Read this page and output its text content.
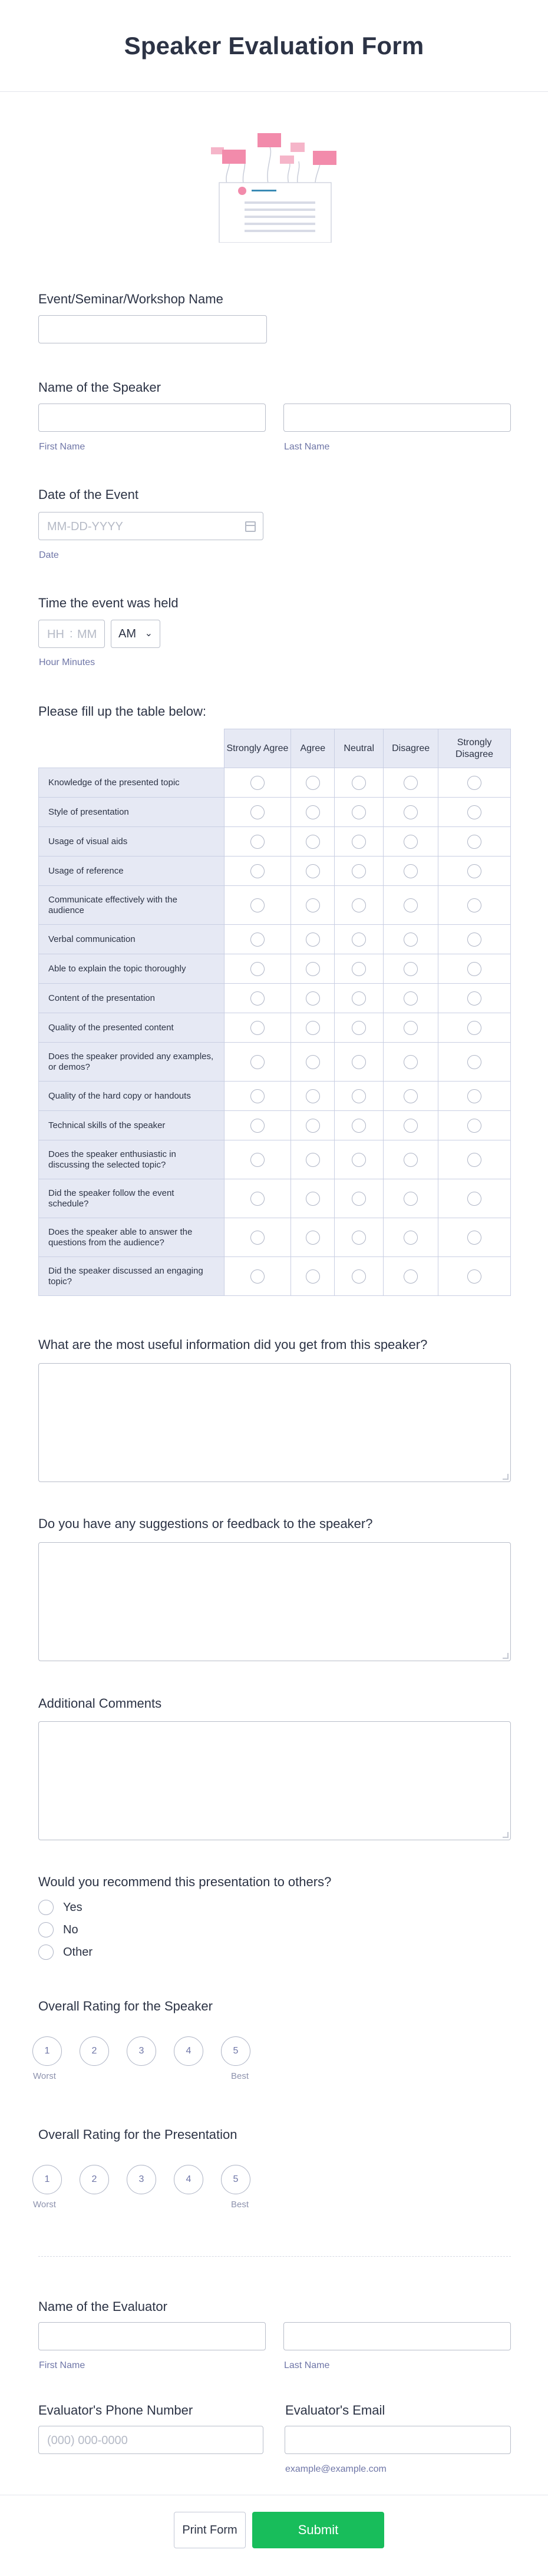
Speaker Evaluation Form
Event/Seminar/Workshop Name
Name of the Speaker
First Name	Last Name
Date of the Event
MM-DD-YYYY
Date
Time the event was held
HH : MM AM ⌄
Hour Minutes
Please fill up the table below:
	Strongly Agree	Agree	Neutral	Disagree	Strongly Disagree
Knowledge of the presented topic					
Style of presentation					
Usage of visual aids					
Usage of reference					
Communicate effectively with the audience					
Verbal communication					
Able to explain the topic thoroughly					
Content of the presentation					
Quality of the presented content					
Does the speaker provided any examples, or demos?					
Quality of the hard copy or handouts					
Technical skills of the speaker					
Does the speaker enthusiastic in discussing the selected topic?					
Did the speaker follow the event schedule?					
Does the speaker able to answer the questions from the audience?					
Did the speaker discussed an engaging topic?					
What are the most useful information did you get from this speaker?
Do you have any suggestions or feedback to the speaker?
Additional Comments
Would you recommend this presentation to others?
Yes
No
Other
Overall Rating for the Speaker
1	2	3	4	5
Worst	Best
Overall Rating for the Presentation
1	2	3	4	5
Worst	Best
Name of the Evaluator
First Name	Last Name
Evaluator's Phone Number
(000) 000-0000
Evaluator's Email
example@example.com
Print Form	Submit
